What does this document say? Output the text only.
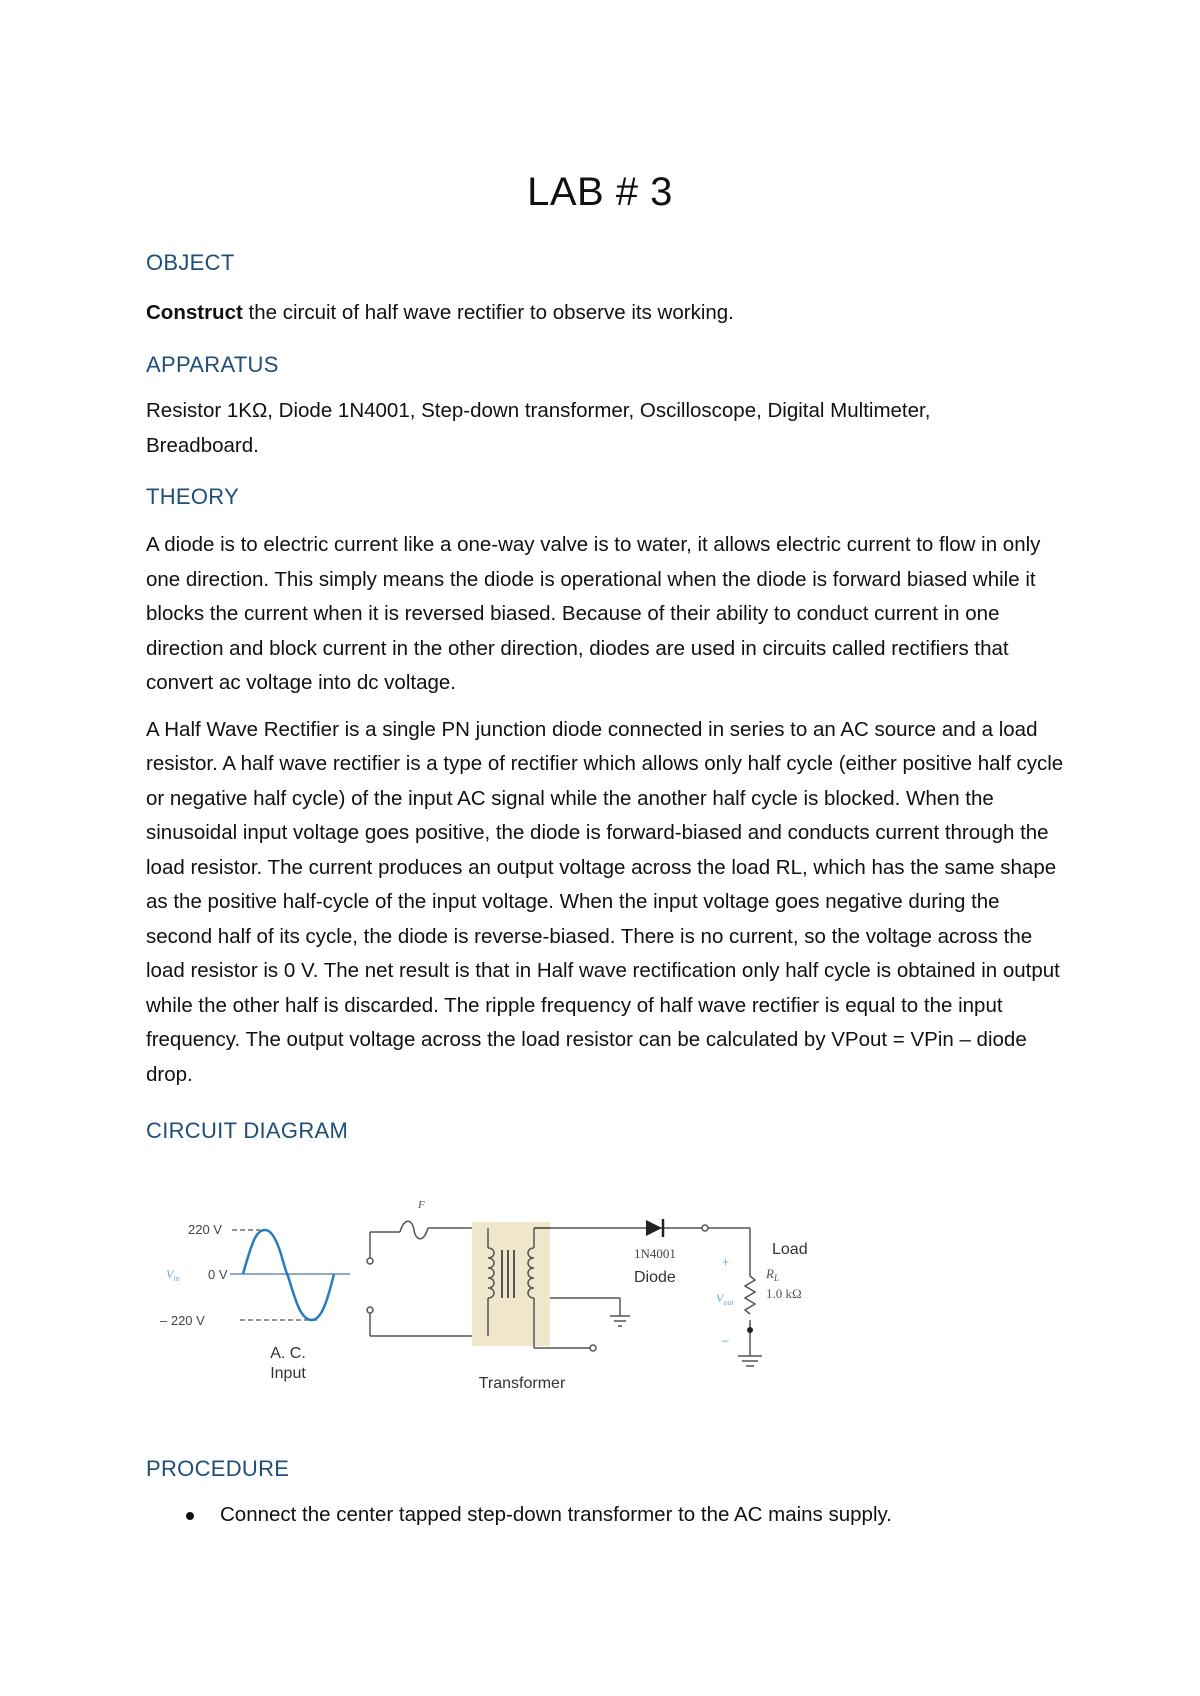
LAB # 3
OBJECT

Construct the circuit of half wave rectifier to observe its working.

APPARATUS

Resistor 1KΩ, Diode 1N4001, Step-down transformer, Oscilloscope, Digital Multimeter, Breadboard.

THEORY

A diode is to electric current like a one-way valve is to water, it allows electric current to flow in only one direction. This simply means the diode is operational when the diode is forward biased while it blocks the current when it is reversed biased. Because of their ability to conduct current in one direction and block current in the other direction, diodes are used in circuits called rectifiers that convert ac voltage into dc voltage.

A Half Wave Rectifier is a single PN junction diode connected in series to an AC source and a load resistor. A half wave rectifier is a type of rectifier which allows only half cycle (either positive half cycle or negative half cycle) of the input AC signal while the another half cycle is blocked. When the sinusoidal input voltage goes positive, the diode is forward-biased and conducts current through the load resistor. The current produces an output voltage across the load RL, which has the same shape as the positive half-cycle of the input voltage. When the input voltage goes negative during the second half of its cycle, the diode is reverse-biased. There is no current, so the voltage across the load resistor is 0 V. The net result is that in Half wave rectification only half cycle is obtained in output while the other half is discarded. The ripple frequency of half wave rectifier is equal to the input frequency. The output voltage across the load resistor can be calculated by VPout = VPin – diode drop.

CIRCUIT DIAGRAM
220 V
0 V
– 220 V
$V_{in}$
A. C.
Input
F
Transformer
1N4001
Diode
+
–
Load
$R_L$
1.0 kΩ
$V_{out}$
PROCEDURE
Connect the center tapped step-down transformer to the AC mains supply.
